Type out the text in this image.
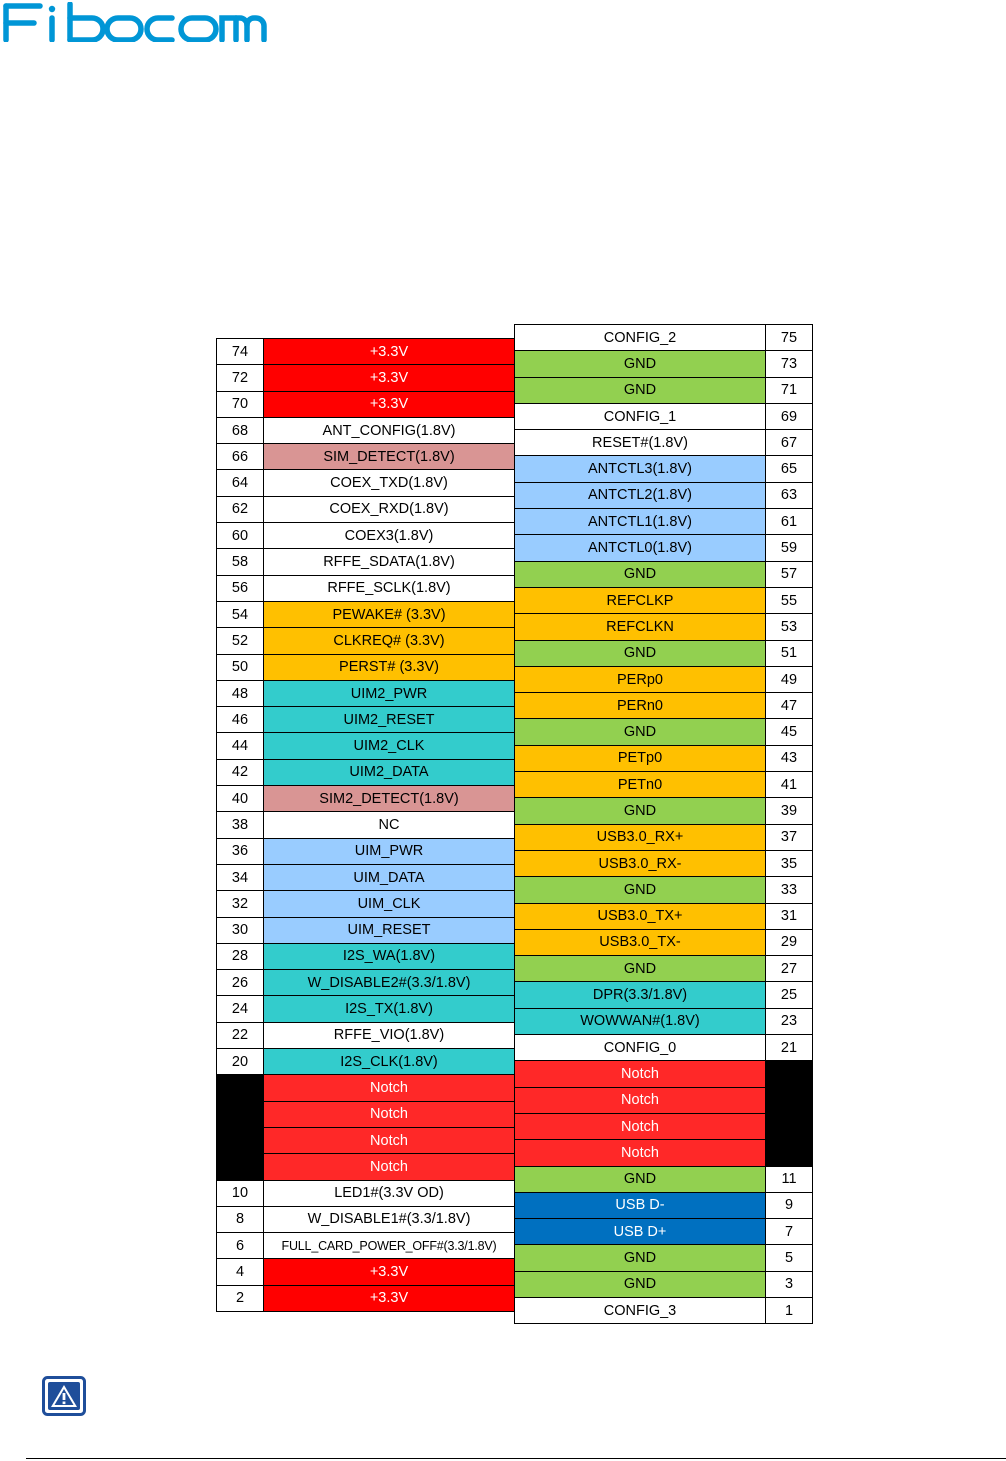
74	+3.3V
72	+3.3V
70	+3.3V
68	ANT_CONFIG(1.8V)
66	SIM_DETECT(1.8V)
64	COEX_TXD(1.8V)
62	COEX_RXD(1.8V)
60	COEX3(1.8V)
58	RFFE_SDATA(1.8V)
56	RFFE_SCLK(1.8V)
54	PEWAKE# (3.3V)
52	CLKREQ# (3.3V)
50	PERST# (3.3V)
48	UIM2_PWR
46	UIM2_RESET
44	UIM2_CLK
42	UIM2_DATA
40	SIM2_DETECT(1.8V)
38	NC
36	UIM_PWR
34	UIM_DATA
32	UIM_CLK
30	UIM_RESET
28	I2S_WA(1.8V)
26	W_DISABLE2#(3.3/1.8V)
24	I2S_TX(1.8V)
22	RFFE_VIO(1.8V)
20	I2S_CLK(1.8V)
	Notch
	Notch
	Notch
	Notch
10	LED1#(3.3V OD)
8	W_DISABLE1#(3.3/1.8V)
6	FULL_CARD_POWER_OFF#(3.3/1.8V)
4	+3.3V
2	+3.3V
CONFIG_2	75
GND	73
GND	71
CONFIG_1	69
RESET#(1.8V)	67
ANTCTL3(1.8V)	65
ANTCTL2(1.8V)	63
ANTCTL1(1.8V)	61
ANTCTL0(1.8V)	59
GND	57
REFCLKP	55
REFCLKN	53
GND	51
PERp0	49
PERn0	47
GND	45
PETp0	43
PETn0	41
GND	39
USB3.0_RX+	37
USB3.0_RX-	35
GND	33
USB3.0_TX+	31
USB3.0_TX-	29
GND	27
DPR(3.3/1.8V)	25
WOWWAN#(1.8V)	23
CONFIG_0	21
Notch	
Notch	
Notch	
Notch	
GND	11
USB D-	9
USB D+	7
GND	5
GND	3
CONFIG_3	1
